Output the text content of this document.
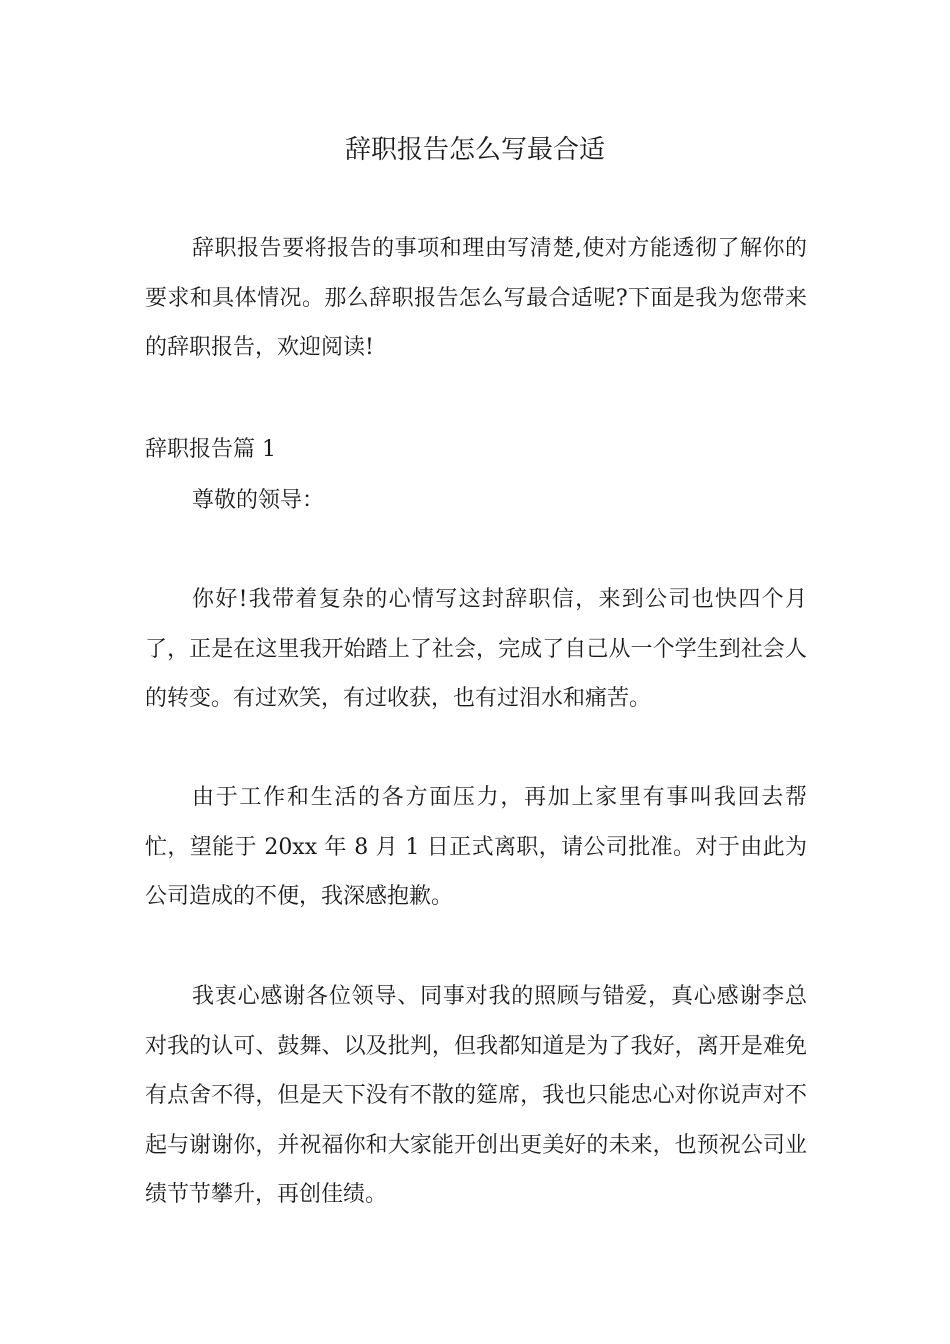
辞职报告怎么写最合适

辞职报告要将报告的事项和理由写清楚,使对方能透彻了解你的要求和具体情况。那么辞职报告怎么写最合适呢?下面是我为您带来的辞职报告，欢迎阅读!

辞职报告篇 1

尊敬的领导：

你好!我带着复杂的心情写这封辞职信，来到公司也快四个月了，正是在这里我开始踏上了社会，完成了自己从一个学生到社会人的转变。有过欢笑，有过收获，也有过泪水和痛苦。

由于工作和生活的各方面压力，再加上家里有事叫我回去帮忙，望能于 20xx 年 8 月 1 日正式离职，请公司批准。对于由此为公司造成的不便，我深感抱歉。

我衷心感谢各位领导、同事对我的照顾与错爱，真心感谢李总对我的认可、鼓舞、以及批判，但我都知道是为了我好，离开是难免有点舍不得，但是天下没有不散的筵席，我也只能忠心对你说声对不起与谢谢你，并祝福你和大家能开创出更美好的未来，也预祝公司业绩节节攀升，再创佳绩。
